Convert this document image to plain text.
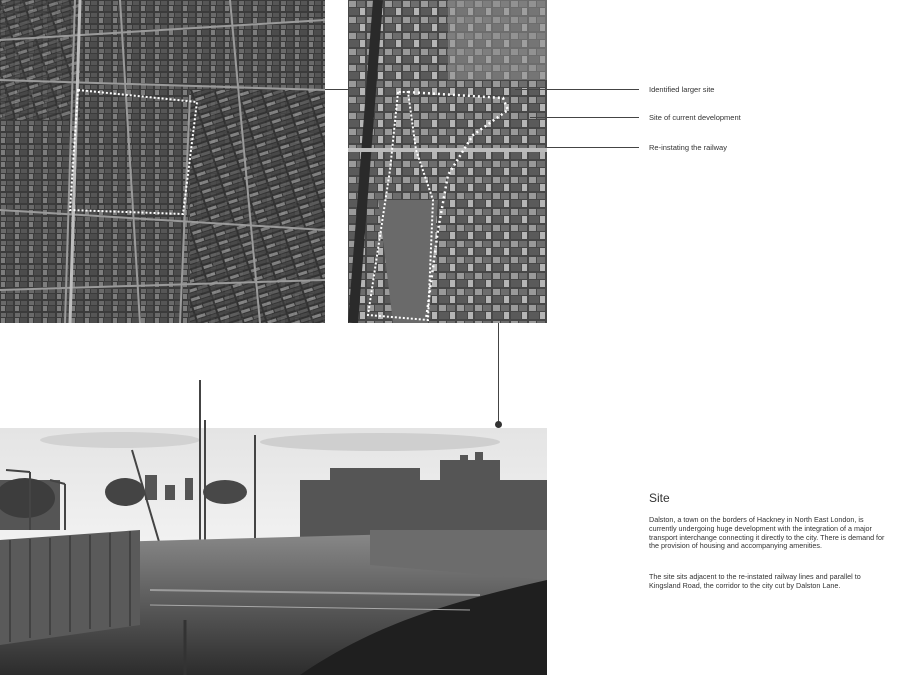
Identified larger site
Site of current development
Re-instating the railway
Site

Dalston, a town on the borders of Hackney in North East London, is currently undergoing huge development with the integration of a major transport interchange connecting it directly to the city. There is demand for the provision of housing and accompanying amenities.

The site sits adjacent to the re-instated railway lines and parallel to Kingsland Road, the corridor to the city cut by Dalston Lane.
